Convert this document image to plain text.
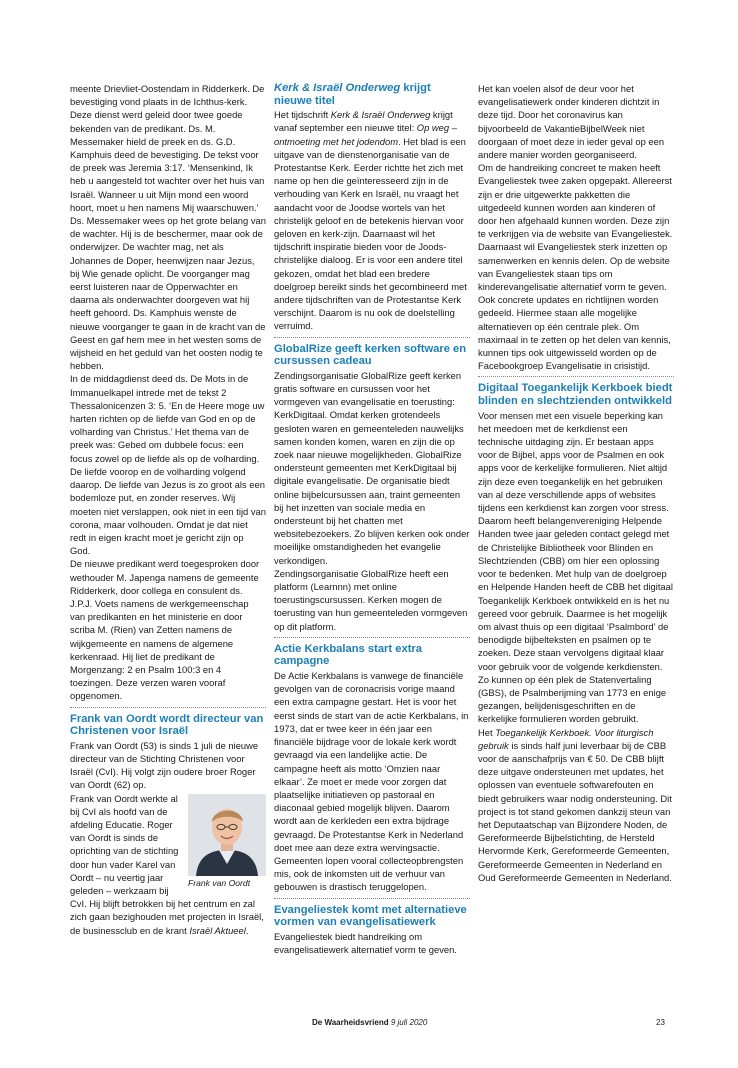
meente Drievliet-Oostendam in Ridderkerk. De bevestiging vond plaats in de Ichthus-kerk. Deze dienst werd geleid door twee goede bekenden van de predikant. Ds. M. Messemaker hield de preek en ds. G.D. Kamphuis deed de bevestiging. De tekst voor de preek was Jeremia 3:17. ‘Mensenkind, Ik heb u aangesteld tot wachter over het huis van Israël. Wanneer u uit Mijn mond een woord hoort, moet u hen namens Mij waarschuwen.’ Ds. Messemaker wees op het grote belang van de wachter. Hij is de beschermer, maar ook de onderwijzer. De wachter mag, net als Johannes de Doper, heenwijzen naar Jezus, bij Wie genade oplicht. De voorganger mag eerst luisteren naar de Opperwachter en daarna als onderwachter doorgeven wat hij heeft gehoord. Ds. Kamphuis wenste de nieuwe voorganger te gaan in de kracht van de Geest en gaf hem mee in het westen soms de wijsheid en het geduld van het oosten nodig te hebben.

In de middagdienst deed ds. De Mots in de Immanuelkapel intrede met de tekst 2 Thessalonicenzen 3: 5. ‘En de Heere moge uw harten richten op de liefde van God en op de volharding van Christus.’ Het thema van de preek was: Gebed om dubbele focus: een focus zowel op de liefde als op de volharding. De liefde voorop en de volharding volgend daarop. De liefde van Jezus is zo groot als een bodemloze put, en zonder reserves. Wij moeten niet verslappen, ook niet in een tijd van corona, maar volhouden. Omdat je dat niet redt in eigen kracht moet je gericht zijn op God.

De nieuwe predikant werd toegesproken door wethouder M. Japenga namens de gemeente Ridderkerk, door collega en consulent ds. J.P.J. Voets namens de werkgemeenschap van predikanten en het ministerie en door scriba M. (Rien) van Zetten namens de wijkgemeente en namens de algemene kerkenraad. Hij liet de predikant de Morgenzang: 2 en Psalm 100:3 en 4 toezingen. Deze verzen waren vooraf opgenomen.

Frank van Oordt wordt directeur van Christenen voor Israël

Frank van Oordt (53) is sinds 1 juli de nieuwe directeur van de Stichting Christenen voor Israël (CvI). Hij volgt zijn oudere broer Roger van Oordt (62) op.

Frank van Oordt

Frank van Oordt werkte al bij CvI als hoofd van de afdeling Educatie. Roger van Oordt is sinds de oprichting van de stichting door hun vader Karel van Oordt – nu veertig jaar geleden – werkzaam bij CvI. Hij blijft betrokken bij het centrum en zal zich gaan bezighouden met projecten in Israël, de businessclub en de krant Israël Aktueel.

Kerk & Israël Onderweg krijgt nieuwe titel

Het tijdschrift Kerk & Israël Onderweg krijgt vanaf september een nieuwe titel: Op weg – ontmoeting met het jodendom. Het blad is een uitgave van de dienstenorganisatie van de Protestantse Kerk. Eerder richtte het zich met name op hen die geïnteresseerd zijn in de verhouding van Kerk en Israël, nu vraagt het aandacht voor de Joodse wortels van het christelijk geloof en de betekenis hiervan voor geloven en kerk-zijn. Daarnaast wil het tijdschrift inspiratie bieden voor de Joods-christelijke dialoog. Er is voor een andere titel gekozen, omdat het blad een bredere doelgroep bereikt sinds het gecombineerd met andere tijdschriften van de Protestantse Kerk verschijnt. Daarom is nu ook de doelstelling verruimd.

GlobalRize geeft kerken software en cursussen cadeau

Zendingsorganisatie GlobalRize geeft kerken gratis software en cursussen voor het vormgeven van evangelisatie en toerusting: KerkDigitaal. Omdat kerken grotendeels gesloten waren en gemeenteleden nauwelijks samen konden komen, waren en zijn die op zoek naar nieuwe mogelijkheden. GlobalRize ondersteunt gemeenten met KerkDigitaal bij digitale evangelisatie. De organisatie biedt online bijbelcursussen aan, traint gemeenten bij het inzetten van sociale media en ondersteunt bij het chatten met websitebezoekers. Zo blijven kerken ook onder moeilijke omstandigheden het evangelie verkondigen.

Zendingsorganisatie GlobalRize heeft een platform (Learnnn) met online toerustingscursussen. Kerken mogen de toerusting van hun gemeenteleden vormgeven op dit platform.

Actie Kerkbalans start extra campagne

De Actie Kerkbalans is vanwege de financiële gevolgen van de coronacrisis vorige maand een extra campagne gestart. Het is voor het eerst sinds de start van de actie Kerkbalans, in 1973, dat er twee keer in één jaar een financiële bijdrage voor de lokale kerk wordt gevraagd via een landelijke actie. De campagne heeft als motto ‘Omzien naar elkaar’. Ze moet er mede voor zorgen dat plaatselijke initiatieven op pastoraal en diaconaal gebied mogelijk blijven. Daarom wordt aan de kerkleden een extra bijdrage gevraagd. De Protestantse Kerk in Nederland doet mee aan deze extra wervingsactie. Gemeenten lopen vooral collecteopbrengsten mis, ook de inkomsten uit de verhuur van gebouwen is drastisch teruggelopen.

Evangeliestek komt met alternatieve vormen van evangelisatiewerk

Evangeliestek biedt handreiking om evangelisatiewerk alternatief vorm te geven.

Het kan voelen alsof de deur voor het evangelisatiewerk onder kinderen dichtzit in deze tijd. Door het coronavirus kan bijvoorbeeld de VakantieBijbelWeek niet doorgaan of moet deze in ieder geval op een andere manier worden georganiseerd.

Om de handreiking concreet te maken heeft Evangeliestek twee zaken opgepakt. Allereerst zijn er drie uitgewerkte pakketten die uitgedeeld kunnen worden aan kinderen of door hen afgehaald kunnen worden. Deze zijn te verkrijgen via de website van Evangeliestek.

Daarnaast wil Evangeliestek sterk inzetten op samenwerken en kennis delen. Op de website van Evangeliestek staan tips om kinderevangelisatie alternatief vorm te geven. Ook concrete updates en richtlijnen worden gedeeld. Hiermee staan alle mogelijke alternatieven op één centrale plek. Om maximaal in te zetten op het delen van kennis, kunnen tips ook uitgewisseld worden op de Facebookgroep Evangelisatie in crisistijd.

Digitaal Toegankelijk Kerkboek biedt blinden en slechtzienden ontwikkeld

Voor mensen met een visuele beperking kan het meedoen met de kerkdienst een technische uitdaging zijn. Er bestaan apps voor de Bijbel, apps voor de Psalmen en ook apps voor de kerkelijke formulieren. Niet altijd zijn deze even toegankelijk en het gebruiken van al deze verschillende apps of websites tijdens een kerkdienst kan zorgen voor stress. Daarom heeft belangenvereniging Helpende Handen twee jaar geleden contact gelegd met de Christelijke Bibliotheek voor Blinden en Slechtzienden (CBB) om hier een oplossing voor te bedenken. Met hulp van de doelgroep en Helpende Handen heeft de CBB het digitaal Toegankelijk Kerkboek ontwikkeld en is het nu gereed voor gebruik. Daarmee is het mogelijk om alvast thuis op een digitaal ‘Psalmbord’ de benodigde bijbelteksten en psalmen op te zoeken. Deze staan vervolgens digitaal klaar voor gebruik voor de volgende kerkdiensten. Zo kunnen op één plek de Statenvertaling (GBS), de Psalmberijming van 1773 en enige gezangen, belijdenisgeschriften en de kerkelijke formulieren worden gebruikt.

Het Toegankelijk Kerkboek. Voor liturgisch gebruik is sinds half juni leverbaar bij de CBB voor de aanschafprijs van € 50. De CBB blijft deze uitgave ondersteunen met updates, het oplossen van eventuele softwarefouten en biedt gebruikers waar nodig ondersteuning. Dit project is tot stand gekomen dankzij steun van het Deputaatschap van Bijzondere Noden, de Gereformeerde Bijbelstichting, de Hersteld Hervormde Kerk, Gereformeerde Gemeenten, Gereformeerde Gemeenten in Nederland en Oud Gereformeerde Gemeenten in Nederland.

De Waarheidsvriend 9 juli 2020	23
